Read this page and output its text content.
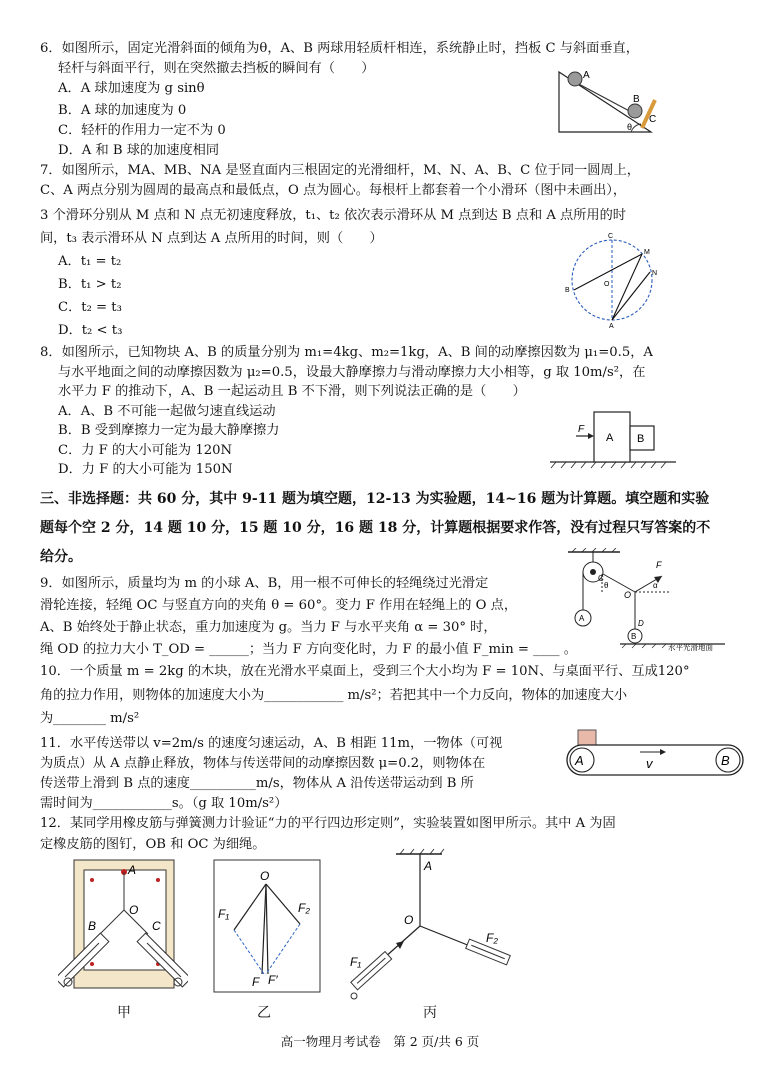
6．如图所示，固定光滑斜面的倾角为θ，A、B 两球用轻质杆相连，系统静止时，挡板 C 与斜面垂直，
轻杆与斜面平行，则在突然撤去挡板的瞬间有（　　）
A．A 球加速度为 g sinθ
B．A 球的加速度为 0
C．轻杆的作用力一定不为 0
D．A 和 B 球的加速度相同
A
B
C
θ
7．如图所示，MA、MB、NA 是竖直面内三根固定的光滑细杆，M、N、A、B、C 位于同一圆周上，
C、A 两点分别为圆周的最高点和最低点，O 点为圆心。每根杆上都套着一个小滑环（图中未画出），
3 个滑环分别从 M 点和 N 点无初速度释放，t₁、t₂ 依次表示滑环从 M 点到达 B 点和 A 点所用的时
间，t₃ 表示滑环从 N 点到达 A 点所用的时间，则（　　）
A．t₁ = t₂
B．t₁ > t₂
C．t₂ = t₃
D．t₂ < t₃
C
M
N
B
O
A
8．如图所示，已知物块 A、B 的质量分别为 m₁=4kg、m₂=1kg，A、B 间的动摩擦因数为 μ₁=0.5，A
与水平地面之间的动摩擦因数为 μ₂=0.5，设最大静摩擦力与滑动摩擦力大小相等，g 取 10m/s²，在
水平力 F 的推动下，A、B 一起运动且 B 不下滑，则下列说法正确的是（　　）
A．A、B 不可能一起做匀速直线运动
B．B 受到摩擦力一定为最大静摩擦力
C．力 F 的大小可能为 120N
D．力 F 的大小可能为 150N
F
A B
三、非选择题：共 60 分，其中 9-11 题为填空题，12-13 为实验题，14~16 题为计算题。填空题和实验
题每个空 2 分，14 题 10 分，15 题 10 分，16 题 18 分，计算题根据要求作答，没有过程只写答案的不
给分。
9．如图所示，质量均为 m 的小球 A、B，用一根不可伸长的轻绳绕过光滑定
滑轮连接，轻绳 OC 与竖直方向的夹角 θ = 60°。变力 F 作用在轻绳上的 O 点，
A、B 始终处于静止状态，重力加速度为 g。当力 F 与水平夹角 α = 30° 时，
绳 OD 的拉力大小 T_OD = ______；当力 F 方向变化时，力 F 的最小值 F_min = ____ 。
C
θ
F
α
O
A
D
B
水平光滑地面
10．一个质量 m = 2kg 的木块，放在光滑水平桌面上，受到三个大小均为 F = 10N、与桌面平行、互成120°
角的拉力作用，则物体的加速度大小为____________ m/s²；若把其中一个力反向，物体的加速度大小
为________ m/s²
11．水平传送带以 v=2m/s 的速度匀速运动，A、B 相距 11m，一物体（可视
为质点）从 A 点静止释放，物体与传送带间的动摩擦因数 μ=0.2，则物体在
传送带上滑到 B 点的速度__________m/s，物体从 A 沿传送带运动到 B 所
需时间为____________s。（g 取 10m/s²）
A	v	B
12．某同学用橡皮筋与弹簧测力计验证“力的平行四边形定则”，实验装置如图甲所示。其中 A 为固
定橡皮筋的图钉，OB 和 OC 为细绳。
A
B
O
C
O
F₁	F₂
F F′
A
O
F₂
F₁
甲	乙	丙
高一物理月考试卷　第 2 页/共 6 页
